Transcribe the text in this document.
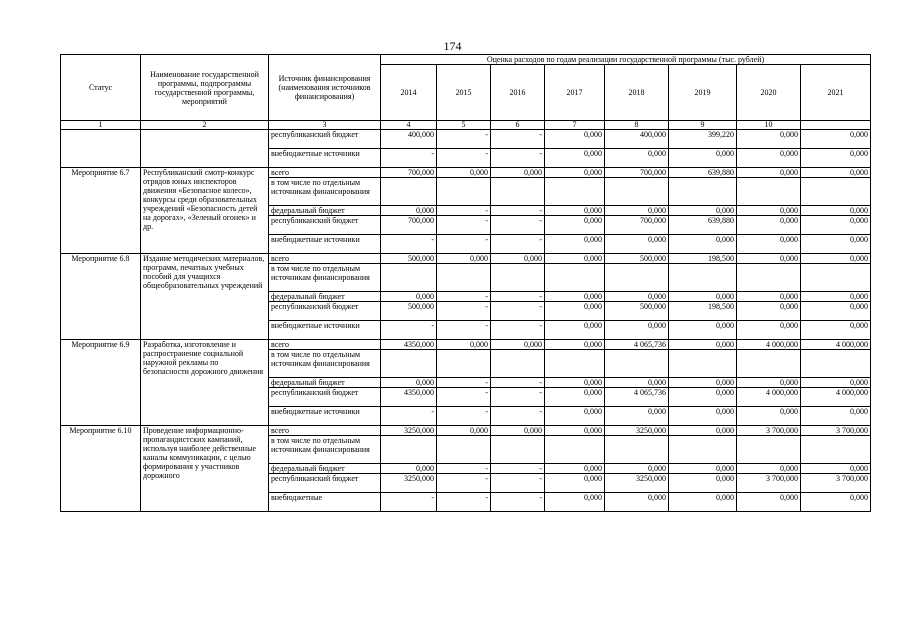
174
Статус	Наименование государственной программы, подпрограммы государственной программы, мероприятий	Источник финансирования (наименования источников финансирования)	Оценка расходов по годам реализации государственной программы (тыс. рублей)							
			2014	2015	2016	2017	2018	2019	2020	2021
1	2	3	4	5	6	7	8	9	10	
		республиканский бюджет	400,000	-	-	0,000	400,000	399,220	0,000	0,000
		внебюджетные источники	-	-	-	0,000	0,000	0,000	0,000	0,000
Мероприятие 6.7	Республиканский смотр-конкурс отрядов юных инспекторов движения «Безопасное колесо», конкурсы среди образовательных учреждений «Безопасность детей на дорогах», «Зеленый огонек» и др.	всего	700,000	0,000	0,000	0,000	700,000	639,880	0,000	0,000
		в том числе по отдельным источникам финансирования								
		федеральный бюджет	0,000	-	-	0,000	0,000	0,000	0,000	0,000
		республиканский бюджет	700,000	-	-	0,000	700,000	639,880	0,000	0,000
		внебюджетные источники	-	-	-	0,000	0,000	0,000	0,000	0,000
Мероприятие 6.8	Издание методических материалов, программ, печатных учебных пособий для учащихся общеобразовательных учреждений	всего	500,000	0,000	0,000	0,000	500,000	198,500	0,000	0,000
		в том числе по отдельным источникам финансирования								
		федеральный бюджет	0,000	-	-	0,000	0,000	0,000	0,000	0,000
		республиканский бюджет	500,000	-	-	0,000	500,000	198,500	0,000	0,000
		внебюджетные источники	-	-	-	0,000	0,000	0,000	0,000	0,000
Мероприятие 6.9	Разработка, изготовление и распространение социальной наружной рекламы по безопасности дорожного движения	всего	4350,000	0,000	0,000	0,000	4 065,736	0,000	4 000,000	4 000,000
		в том числе по отдельным источникам финансирования								
		федеральный бюджет	0,000	-	-	0,000	0,000	0,000	0,000	0,000
		республиканский бюджет	4350,000	-	-	0,000	4 065,736	0,000	4 000,000	4 000,000
		внебюджетные источники	-	-	-	0,000	0,000	0,000	0,000	0,000
Мероприятие 6.10	Проведение информационно-пропагандистских кампаний, используя наиболее действенные каналы коммуникации, с целью формирования у участников дорожного	всего	3250,000	0,000	0,000	0,000	3250,000	0,000	3 700,000	3 700,000
		в том числе по отдельным источникам финансирования								
		федеральный бюджет	0,000	-	-	0,000	0,000	0,000	0,000	0,000
		республиканский бюджет	3250,000	-	-	0,000	3250,000	0,000	3 700,000	3 700,000
		внебюджетные	-	-	-	0,000	0,000	0,000	0,000	0,000
